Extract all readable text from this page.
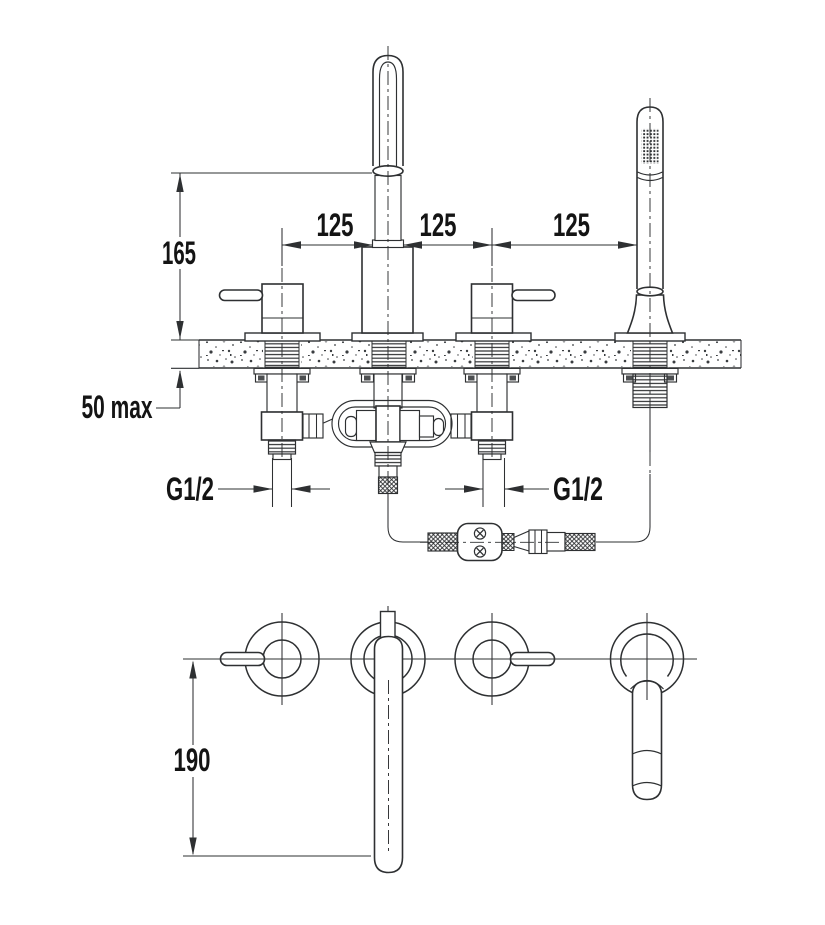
125 125	125
165
50 max
G1/2	G1/2
190
